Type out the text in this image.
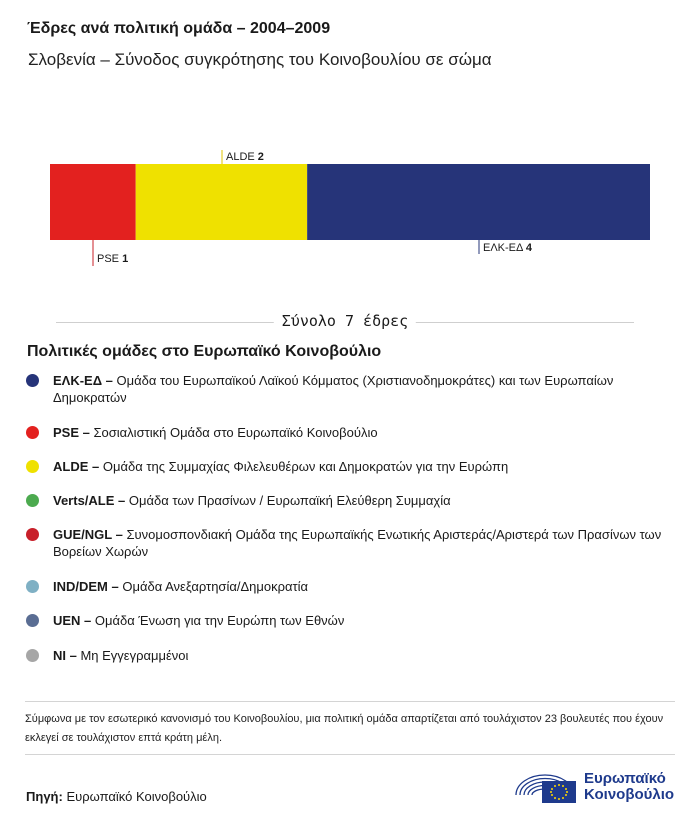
Έδρες ανά πολιτική ομάδα – 2004–2009
Σλοβενία – Σύνοδος συγκρότησης του Κοινοβουλίου σε σώμα
PSE 1
ALDE 2
ΕΛΚ-ΕΔ 4
Σύνολο 7 έδρες
Πολιτικές ομάδες στο Ευρωπαϊκό Κοινοβούλιο
ΕΛΚ-ΕΔ – Ομάδα του Ευρωπαϊκού Λαϊκού Κόμματος (Χριστιανοδημοκράτες) και των Ευρωπαίων Δημοκρατών
PSE – Σοσιαλιστική Ομάδα στο Ευρωπαϊκό Κοινοβούλιο
ALDE – Ομάδα της Συμμαχίας Φιλελευθέρων και Δημοκρατών για την Ευρώπη
Verts/ALE – Ομάδα των Πρασίνων / Ευρωπαϊκή Ελεύθερη Συμμαχία
GUE/NGL – Συνομοσπονδιακή Ομάδα της Ευρωπαϊκής Ενωτικής Αριστεράς/Αριστερά των Πρασίνων των Βορείων Χωρών
IND/DEM – Ομάδα Ανεξαρτησία/Δημοκρατία
UEN – Ομάδα Ένωση για την Ευρώπη των Εθνών
NI – Μη Εγγεγραμμένοι
Σύμφωνα με τον εσωτερικό κανονισμό του Κοινοβουλίου, μια πολιτική ομάδα απαρτίζεται από τουλάχιστον 23 βουλευτές που έχουν εκλεγεί σε τουλάχιστον επτά κράτη μέλη.
Πηγή: Ευρωπαϊκό Κοινοβούλιο
Ευρωπαϊκό
Κοινοβούλιο
